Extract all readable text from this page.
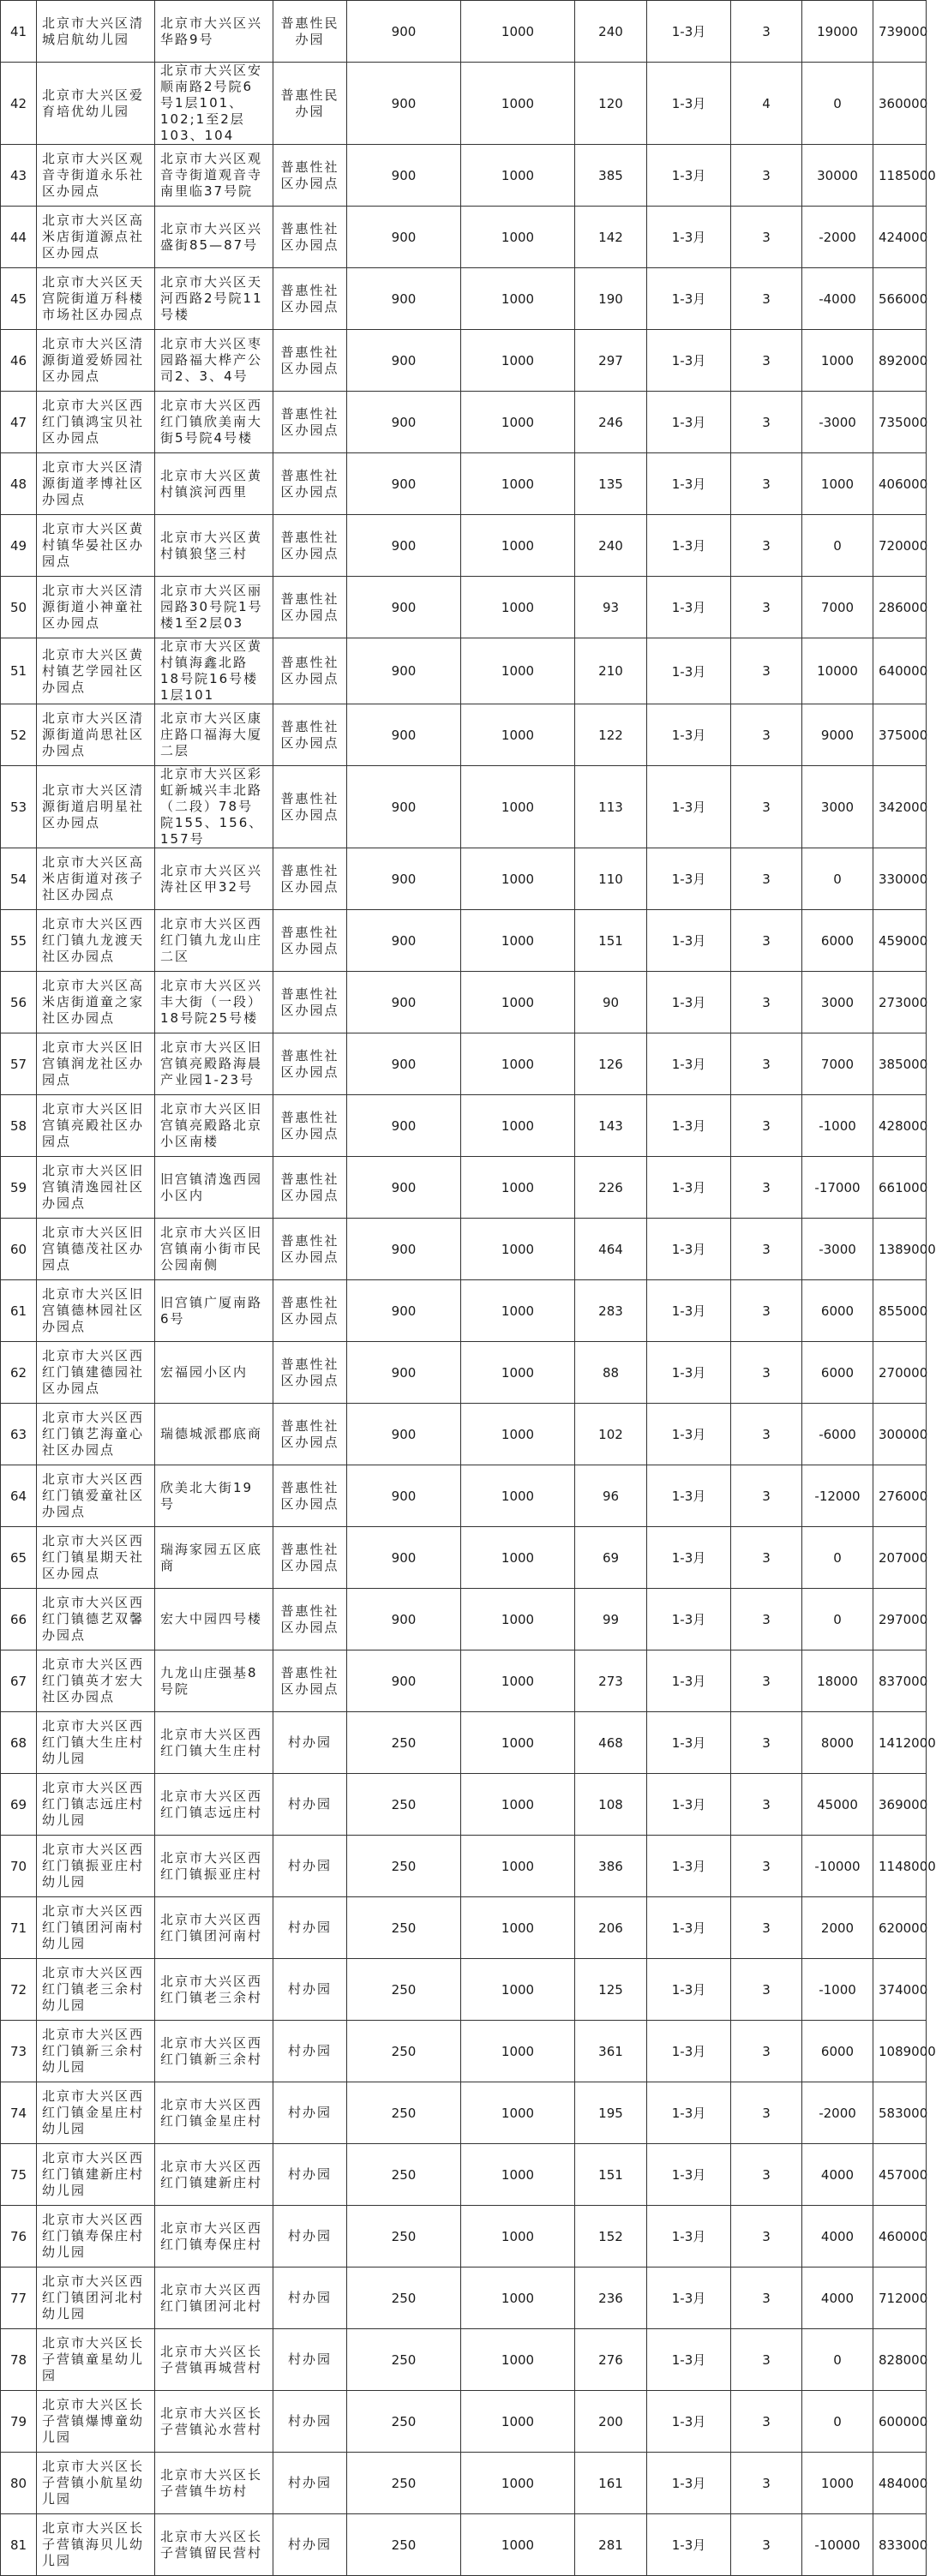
41	北京市大兴区清城启航幼儿园	北京市大兴区兴华路9号	普惠性民办园	900	1000	240	1-3月	3	19000	739000
42	北京市大兴区爱育培优幼儿园	北京市大兴区安顺南路2号院6号1层101、102;1至2层103、104	普惠性民办园	900	1000	120	1-3月	4	0	360000
43	北京市大兴区观音寺街道永乐社区办园点	北京市大兴区观音寺街道观音寺南里临37号院	普惠性社区办园点	900	1000	385	1-3月	3	30000	1185000
44	北京市大兴区高米店街道源点社区办园点	北京市大兴区兴盛街85—87号	普惠性社区办园点	900	1000	142	1-3月	3	-2000	424000
45	北京市大兴区天宫院街道万科楼市场社区办园点	北京市大兴区天河西路2号院11号楼	普惠性社区办园点	900	1000	190	1-3月	3	-4000	566000
46	北京市大兴区清源街道爱娇园社区办园点	北京市大兴区枣园路福大桦产公司2、3、4号	普惠性社区办园点	900	1000	297	1-3月	3	1000	892000
47	北京市大兴区西红门镇鸿宝贝社区办园点	北京市大兴区西红门镇欣美南大街5号院4号楼	普惠性社区办园点	900	1000	246	1-3月	3	-3000	735000
48	北京市大兴区清源街道孝博社区办园点	北京市大兴区黄村镇滨河西里	普惠性社区办园点	900	1000	135	1-3月	3	1000	406000
49	北京市大兴区黄村镇华晏社区办园点	北京市大兴区黄村镇狼垡三村	普惠性社区办园点	900	1000	240	1-3月	3	0	720000
50	北京市大兴区清源街道小神童社区办园点	北京市大兴区丽园路30号院1号楼1至2层03	普惠性社区办园点	900	1000	93	1-3月	3	7000	286000
51	北京市大兴区黄村镇艺学园社区办园点	北京市大兴区黄村镇海鑫北路18号院16号楼1层101	普惠性社区办园点	900	1000	210	1-3月	3	10000	640000
52	北京市大兴区清源街道尚思社区办园点	北京市大兴区康庄路口福海大厦二层	普惠性社区办园点	900	1000	122	1-3月	3	9000	375000
53	北京市大兴区清源街道启明星社区办园点	北京市大兴区彩虹新城兴丰北路（二段）78号院155、156、157号	普惠性社区办园点	900	1000	113	1-3月	3	3000	342000
54	北京市大兴区高米店街道对孩子社区办园点	北京市大兴区兴涛社区甲32号	普惠性社区办园点	900	1000	110	1-3月	3	0	330000
55	北京市大兴区西红门镇九龙渡天社区办园点	北京市大兴区西红门镇九龙山庄二区	普惠性社区办园点	900	1000	151	1-3月	3	6000	459000
56	北京市大兴区高米店街道童之家社区办园点	北京市大兴区兴丰大街（一段）18号院25号楼	普惠性社区办园点	900	1000	90	1-3月	3	3000	273000
57	北京市大兴区旧宫镇润龙社区办园点	北京市大兴区旧宫镇亮殿路海晨产业园1-23号	普惠性社区办园点	900	1000	126	1-3月	3	7000	385000
58	北京市大兴区旧宫镇亮殿社区办园点	北京市大兴区旧宫镇亮殿路北京小区南楼	普惠性社区办园点	900	1000	143	1-3月	3	-1000	428000
59	北京市大兴区旧宫镇清逸园社区办园点	旧宫镇清逸西园小区内	普惠性社区办园点	900	1000	226	1-3月	3	-17000	661000
60	北京市大兴区旧宫镇德茂社区办园点	北京市大兴区旧宫镇南小街市民公园南侧	普惠性社区办园点	900	1000	464	1-3月	3	-3000	1389000
61	北京市大兴区旧宫镇德林园社区办园点	旧宫镇广厦南路6号	普惠性社区办园点	900	1000	283	1-3月	3	6000	855000
62	北京市大兴区西红门镇建德园社区办园点	宏福园小区内	普惠性社区办园点	900	1000	88	1-3月	3	6000	270000
63	北京市大兴区西红门镇艺海童心社区办园点	瑞德城派郡底商	普惠性社区办园点	900	1000	102	1-3月	3	-6000	300000
64	北京市大兴区西红门镇爱童社区办园点	欣美北大街19号	普惠性社区办园点	900	1000	96	1-3月	3	-12000	276000
65	北京市大兴区西红门镇星期天社区办园点	瑞海家园五区底商	普惠性社区办园点	900	1000	69	1-3月	3	0	207000
66	北京市大兴区西红门镇德艺双馨办园点	宏大中园四号楼	普惠性社区办园点	900	1000	99	1-3月	3	0	297000
67	北京市大兴区西红门镇英才宏大社区办园点	九龙山庄强基8号院	普惠性社区办园点	900	1000	273	1-3月	3	18000	837000
68	北京市大兴区西红门镇大生庄村幼儿园	北京市大兴区西红门镇大生庄村	村办园	250	1000	468	1-3月	3	8000	1412000
69	北京市大兴区西红门镇志远庄村幼儿园	北京市大兴区西红门镇志远庄村	村办园	250	1000	108	1-3月	3	45000	369000
70	北京市大兴区西红门镇振亚庄村幼儿园	北京市大兴区西红门镇振亚庄村	村办园	250	1000	386	1-3月	3	-10000	1148000
71	北京市大兴区西红门镇团河南村幼儿园	北京市大兴区西红门镇团河南村	村办园	250	1000	206	1-3月	3	2000	620000
72	北京市大兴区西红门镇老三余村幼儿园	北京市大兴区西红门镇老三余村	村办园	250	1000	125	1-3月	3	-1000	374000
73	北京市大兴区西红门镇新三余村幼儿园	北京市大兴区西红门镇新三余村	村办园	250	1000	361	1-3月	3	6000	1089000
74	北京市大兴区西红门镇金星庄村幼儿园	北京市大兴区西红门镇金星庄村	村办园	250	1000	195	1-3月	3	-2000	583000
75	北京市大兴区西红门镇建新庄村幼儿园	北京市大兴区西红门镇建新庄村	村办园	250	1000	151	1-3月	3	4000	457000
76	北京市大兴区西红门镇寿保庄村幼儿园	北京市大兴区西红门镇寿保庄村	村办园	250	1000	152	1-3月	3	4000	460000
77	北京市大兴区西红门镇团河北村幼儿园	北京市大兴区西红门镇团河北村	村办园	250	1000	236	1-3月	3	4000	712000
78	北京市大兴区长子营镇童星幼儿园	北京市大兴区长子营镇再城营村	村办园	250	1000	276	1-3月	3	0	828000
79	北京市大兴区长子营镇爆博童幼儿园	北京市大兴区长子营镇沁水营村	村办园	250	1000	200	1-3月	3	0	600000
80	北京市大兴区长子营镇小航星幼儿园	北京市大兴区长子营镇牛坊村	村办园	250	1000	161	1-3月	3	1000	484000
81	北京市大兴区长子营镇海贝儿幼儿园	北京市大兴区长子营镇留民营村	村办园	250	1000	281	1-3月	3	-10000	833000
